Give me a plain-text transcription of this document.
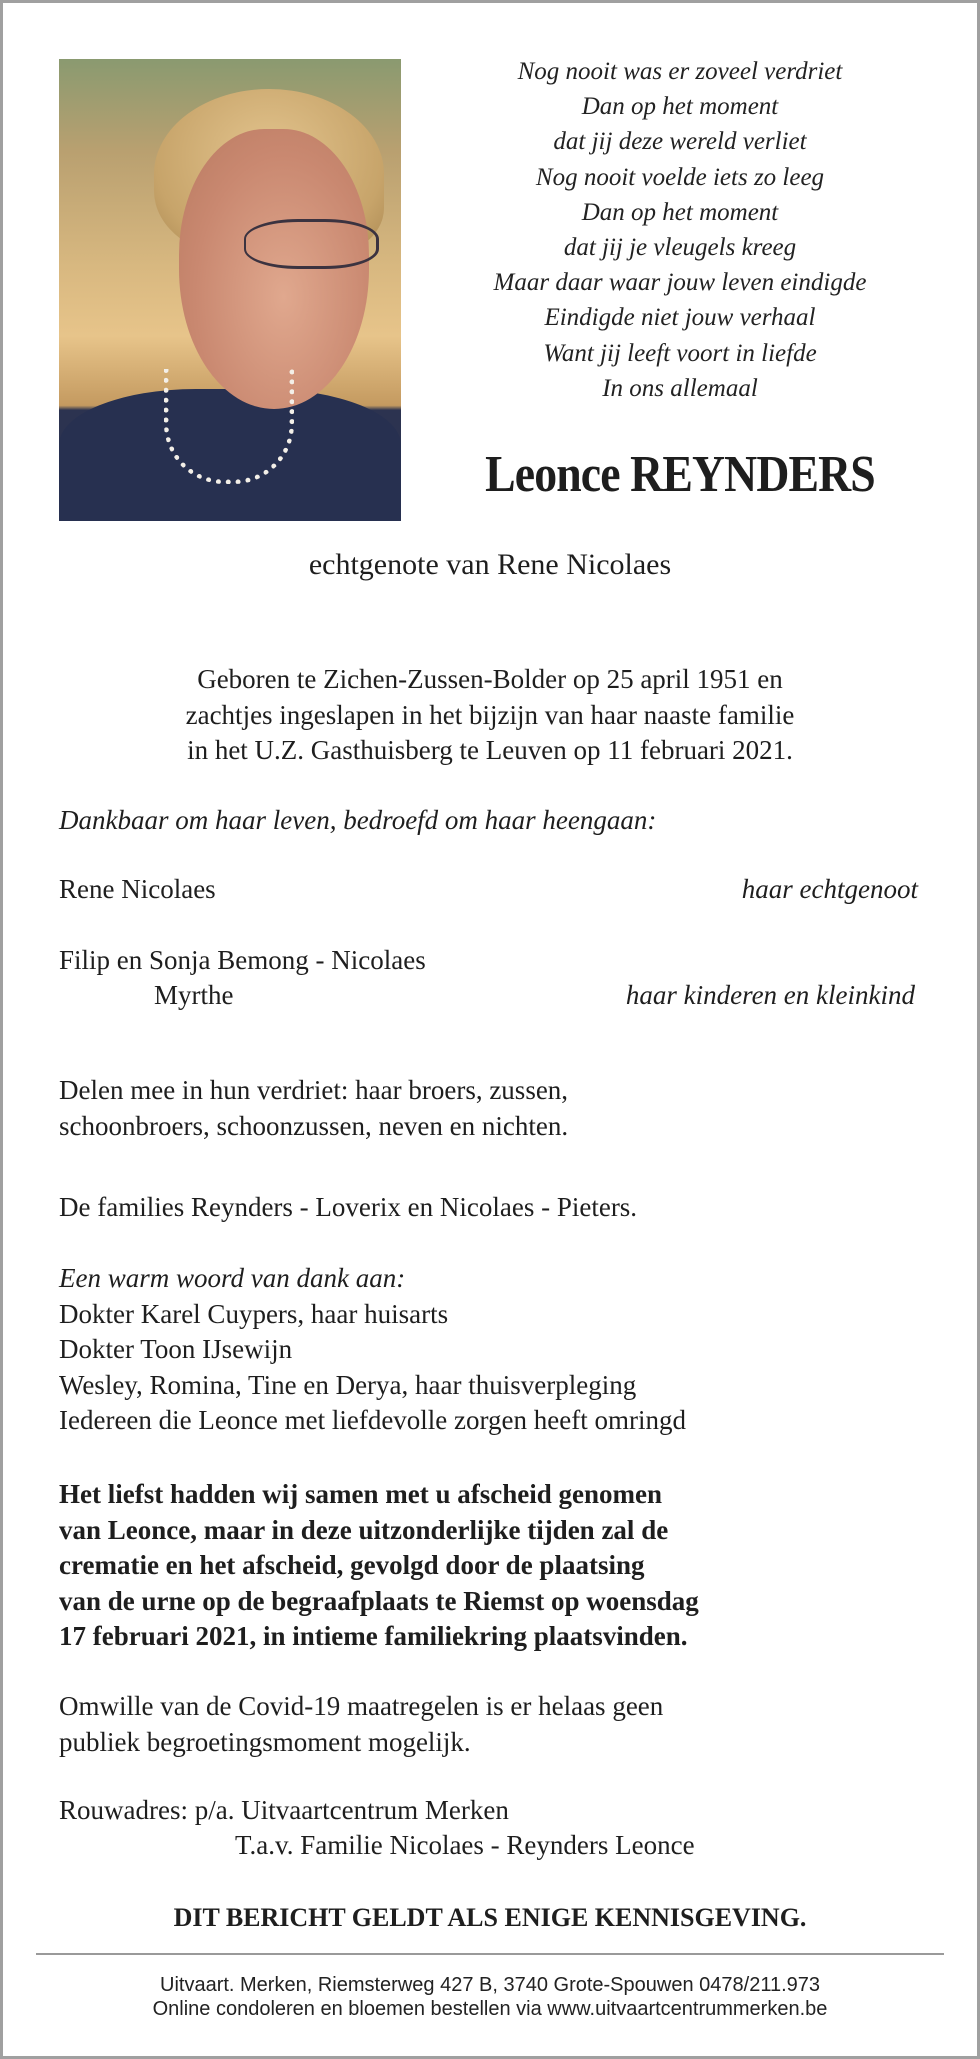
Nog nooit was er zoveel verdriet
Dan op het moment
dat jij deze wereld verliet
Nog nooit voelde iets zo leeg
Dan op het moment
dat jij je vleugels kreeg
Maar daar waar jouw leven eindigde
Eindigde niet jouw verhaal
Want jij leeft voort in liefde
In ons allemaal
Leonce REYNDERS
echtgenote van Rene Nicolaes
Geboren te Zichen-Zussen-Bolder op 25 april 1951 en
zachtjes ingeslapen in het bijzijn van haar naaste familie
in het U.Z. Gasthuisberg te Leuven op 11 februari 2021.
Dankbaar om haar leven, bedroefd om haar heengaan:
Rene Nicolaes	haar echtgenoot
Filip en Sonja Bemong - Nicolaes
Myrthe	haar kinderen en kleinkind
Delen mee in hun verdriet: haar broers, zussen,
schoonbroers, schoonzussen, neven en nichten.
De families Reynders - Loverix en Nicolaes - Pieters.
Een warm woord van dank aan:
Dokter Karel Cuypers, haar huisarts
Dokter Toon IJsewijn
Wesley, Romina, Tine en Derya, haar thuisverpleging
Iedereen die Leonce met liefdevolle zorgen heeft omringd
Het liefst hadden wij samen met u afscheid genomen
van Leonce, maar in deze uitzonderlijke tijden zal de
crematie en het afscheid, gevolgd door de plaatsing
van de urne op de begraafplaats te Riemst op woensdag
17 februari 2021, in intieme familiekring plaatsvinden.
Omwille van de Covid-19 maatregelen is er helaas geen
publiek begroetingsmoment mogelijk.
Rouwadres: p/a. Uitvaartcentrum Merken
T.a.v. Familie Nicolaes - Reynders Leonce
DIT BERICHT GELDT ALS ENIGE KENNISGEVING.
Uitvaart. Merken, Riemsterweg 427 B, 3740 Grote-Spouwen 0478/211.973
Online condoleren en bloemen bestellen via www.uitvaartcentrummerken.be
